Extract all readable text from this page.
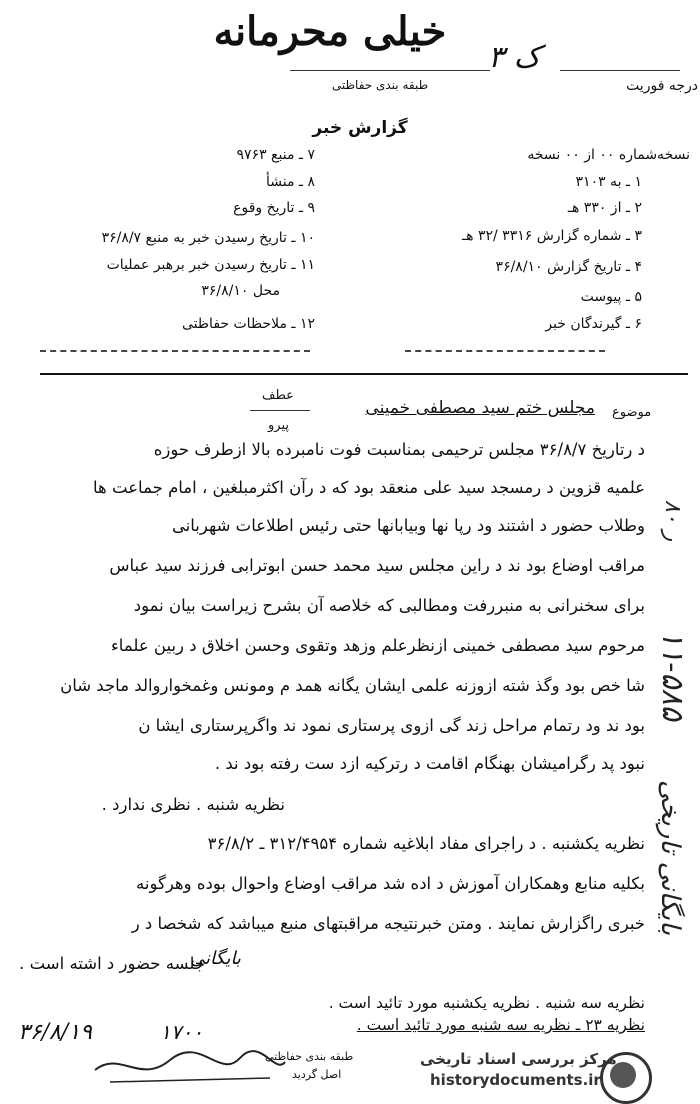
خیلی محرمانه
۳ ک
درجه فوریت
طبقه بندی حفاظتی
گزارش خبر
نسخه‌شماره ۰۰ از ۰۰ نسخه
۱ ـ به ۳۱۰۳
۲ ـ از ۳۳۰ هـ
۳ ـ شماره گزارش ۳۳۱۶ /۳۲ هـ
۴ ـ تاریخ گزارش ۳۶/۸/۱۰
۵ ـ پیوست
۶ ـ گیرندگان خبر
۷ ـ منبع ۹۷۶۳
۸ ـ منشأ
۹ ـ تاریخ وقوع
۱۰ ـ تاریخ رسیدن خبر به منبع ۳۶/۸/۷
۱۱ ـ تاریخ رسیدن خبر برهبر عملیات
محل ۳۶/۸/۱۰
۱۲ ـ ملاحظات حفاظتی
موضوع
مجلس ختم سید مصطفی خمینی
عطف
پیرو
د رتاریخ ۳۶/۸/۷ مجلس ترحیمی بمناسبت فوت نامبرده بالا ازطرف حوزه
علمیه قزوین د رمسجد سید علی منعقد بود که د رآن اکثرمبلغین ، امام جماعت ها
وطلاب حضور د اشتند ود رپا نها وبیابانها حتی رئیس اطلاعات شهربانی
مراقب اوضاع بود ند د راین مجلس سید محمد حسن ابوترابی فرزند سید عباس
برای سخنرانی به منبررفت ومطالبی که خلاصه آن بشرح زیراست بیان نمود
مرحوم سید مصطفی خمینی ازنظرعلم وزهد وتقوی وحسن اخلاق د ربین علماء
شا خص بود وگذ شته ازوزنه علمی ایشان یگانه همد م ومونس وغمخواروالد ماجد شان
بود ند ود رتمام مراحل زند گی ازوی پرستاری نمود ند واگرپرستاری ایشا ن
نبود پد رگرامیشان بهنگام اقامت د رترکیه ازد ست رفته بود ند .
نظریه شنبه . نظری ندارد .
نظریه یکشنبه . د راجرای مفاد ابلاغیه شماره ۳۱۲/۴۹۵۴ ـ ۳۶/۸/۲
بکلیه منابع وهمکاران آموزش د اده شد مراقب اوضاع واحوال بوده وهرگونه
خبری راگزارش نمایند . ومتن خبرنتیجه مراقبتهای منبع میباشد که شخصا د ر
جلسه حضور د اشته است .
بایگانی
نظریه سه شنبه . نظریه یکشنبه مورد تائید است .
نظریه ۲۳ ـ نظریه سه شنبه مورد تائید است .
طبقه بندی حفاظتی
اصل گردید
۳۶/۸/۱۹	۱۷۰۰
۱۱-۵۸۵
بایگانی تاریخی
ر ۸۰
مرکز بررسی اسناد تاریخی
historydocuments.ir
